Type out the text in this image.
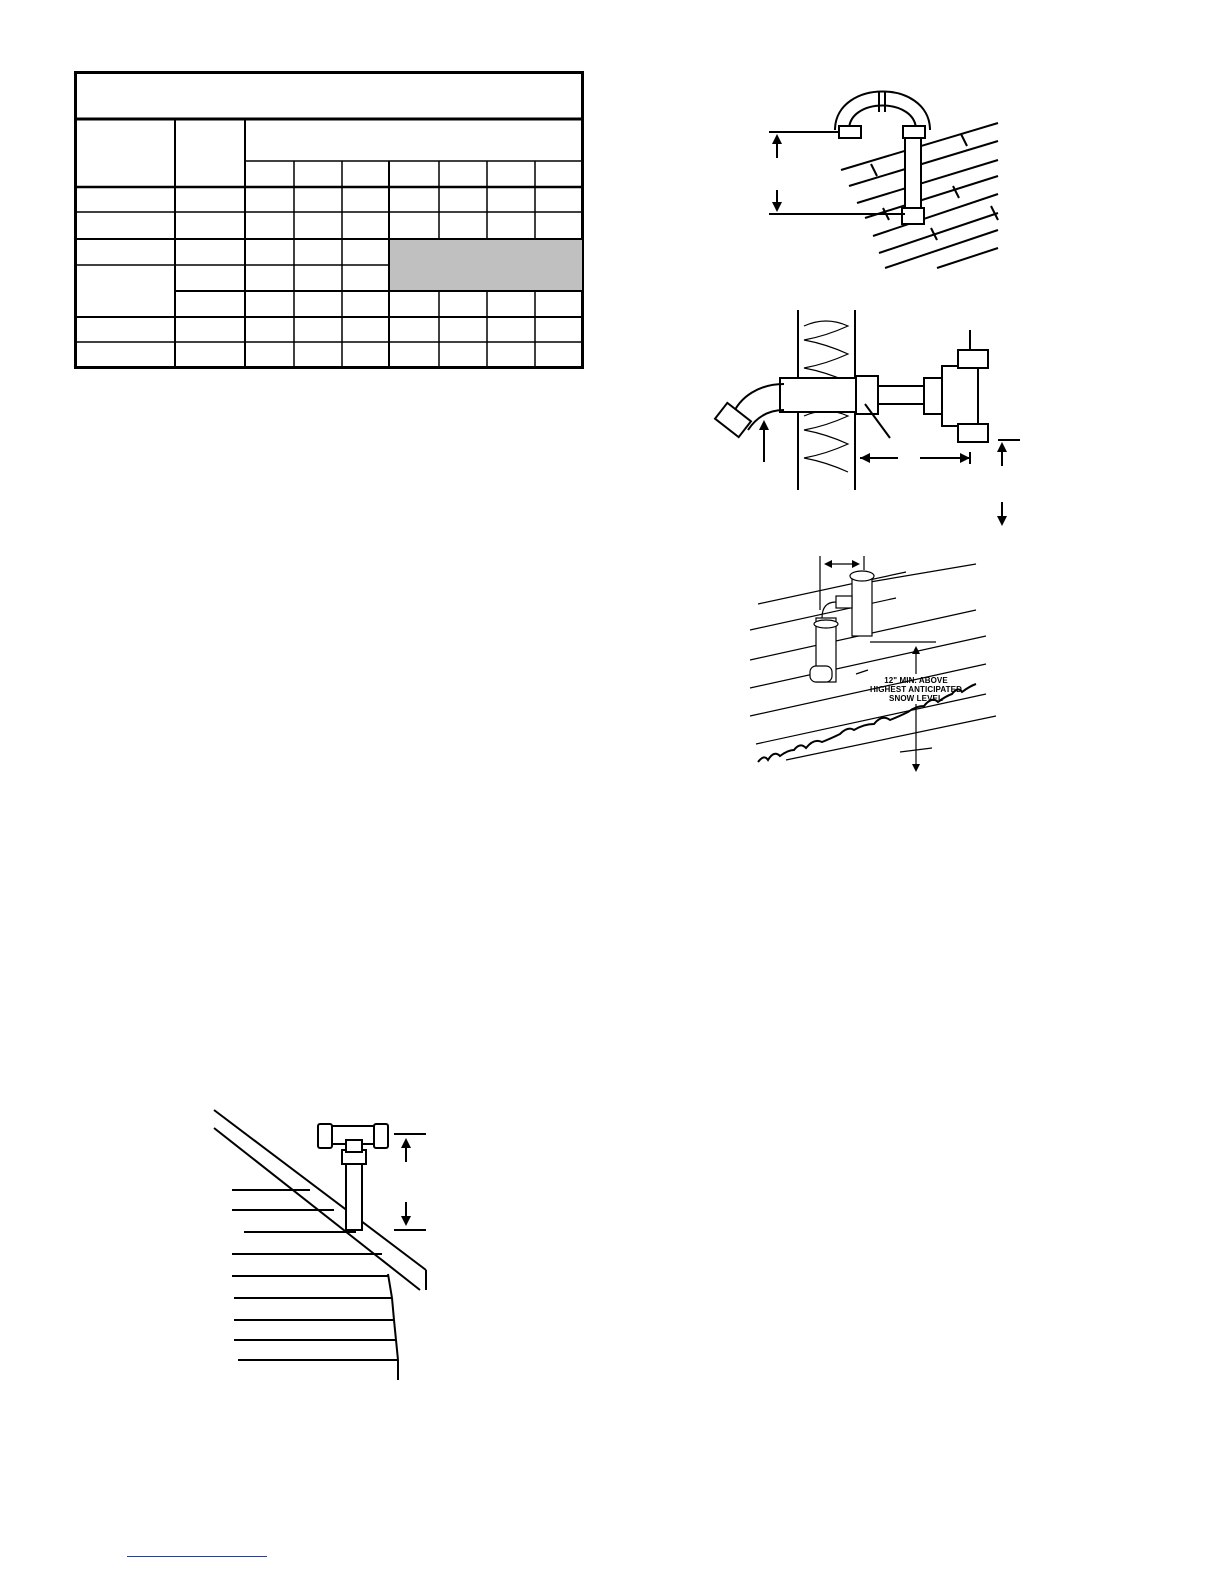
12" MIN. ABOVE
HIGHEST ANTICIPATED
SNOW LEVEL
